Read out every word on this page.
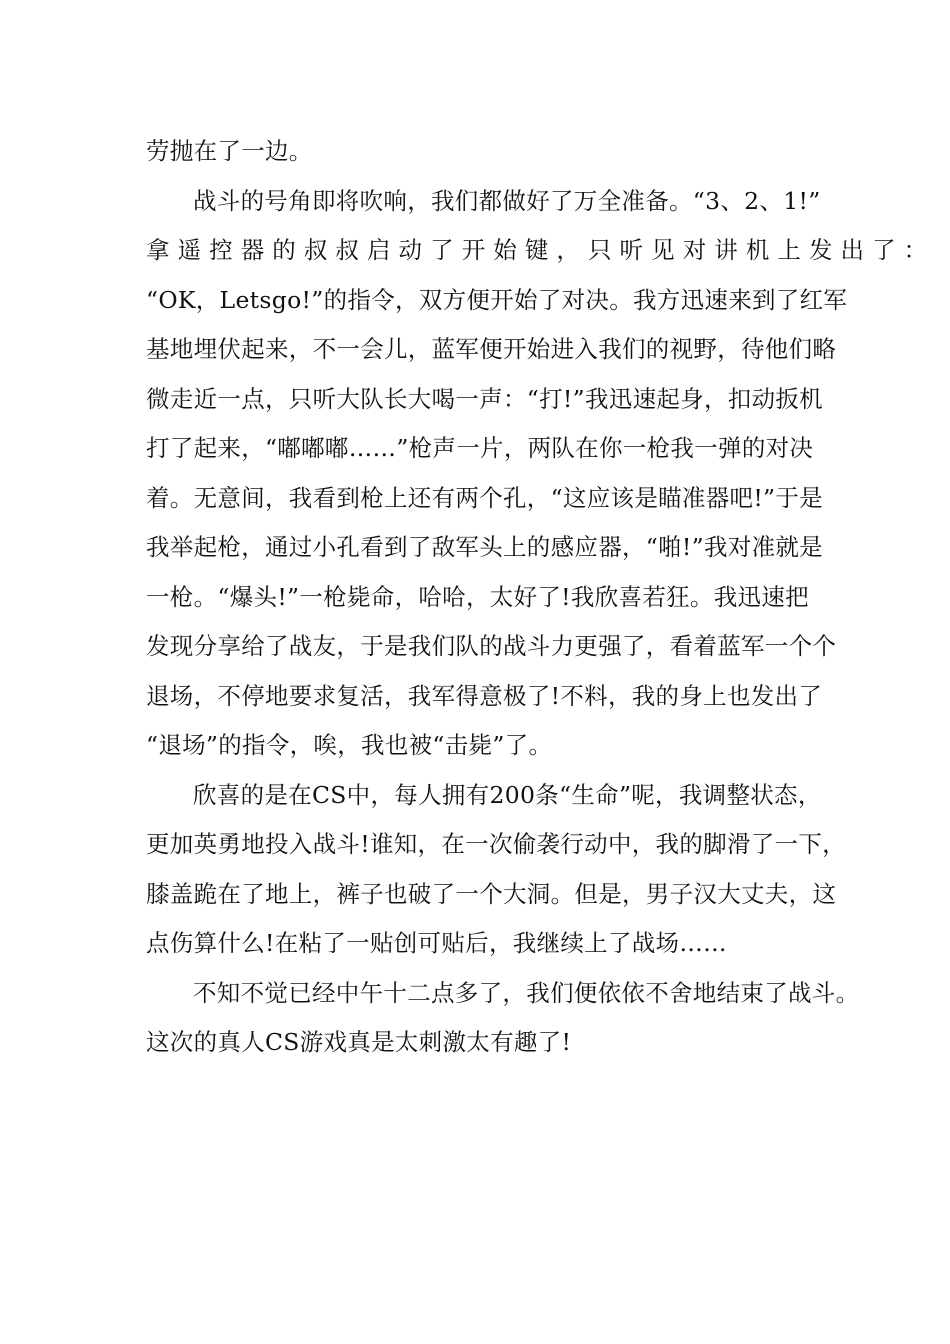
劳抛在了一边。
战斗的号角即将吹响，我们都做好了万全准备。“3、2、1!”
拿 遥 控 器 的 叔 叔 启 动 了 开 始 键 ， 只 听 见 对 讲 机 上 发 出 了 ：
“OK，Letsgo!”的指令，双方便开始了对决。我方迅速来到了红军
基地埋伏起来，不一会儿，蓝军便开始进入我们的视野，待他们略
微走近一点，只听大队长大喝一声：“打!”我迅速起身，扣动扳机
打了起来，“嘟嘟嘟……”枪声一片，两队在你一枪我一弹的对决
着。无意间，我看到枪上还有两个孔，“这应该是瞄准器吧!”于是
我举起枪，通过小孔看到了敌军头上的感应器，“啪!”我对准就是
一枪。“爆头!”一枪毙命，哈哈，太好了!我欣喜若狂。我迅速把
发现分享给了战友，于是我们队的战斗力更强了，看着蓝军一个个
退场，不停地要求复活，我军得意极了!不料，我的身上也发出了
“退场”的指令，唉，我也被“击毙”了。
欣喜的是在CS中，每人拥有200条“生命”呢，我调整状态，
更加英勇地投入战斗!谁知，在一次偷袭行动中，我的脚滑了一下，
膝盖跪在了地上，裤子也破了一个大洞。但是，男子汉大丈夫，这
点伤算什么!在粘了一贴创可贴后，我继续上了战场……
不知不觉已经中午十二点多了，我们便依依不舍地结束了战斗。
这次的真人CS游戏真是太刺激太有趣了!
